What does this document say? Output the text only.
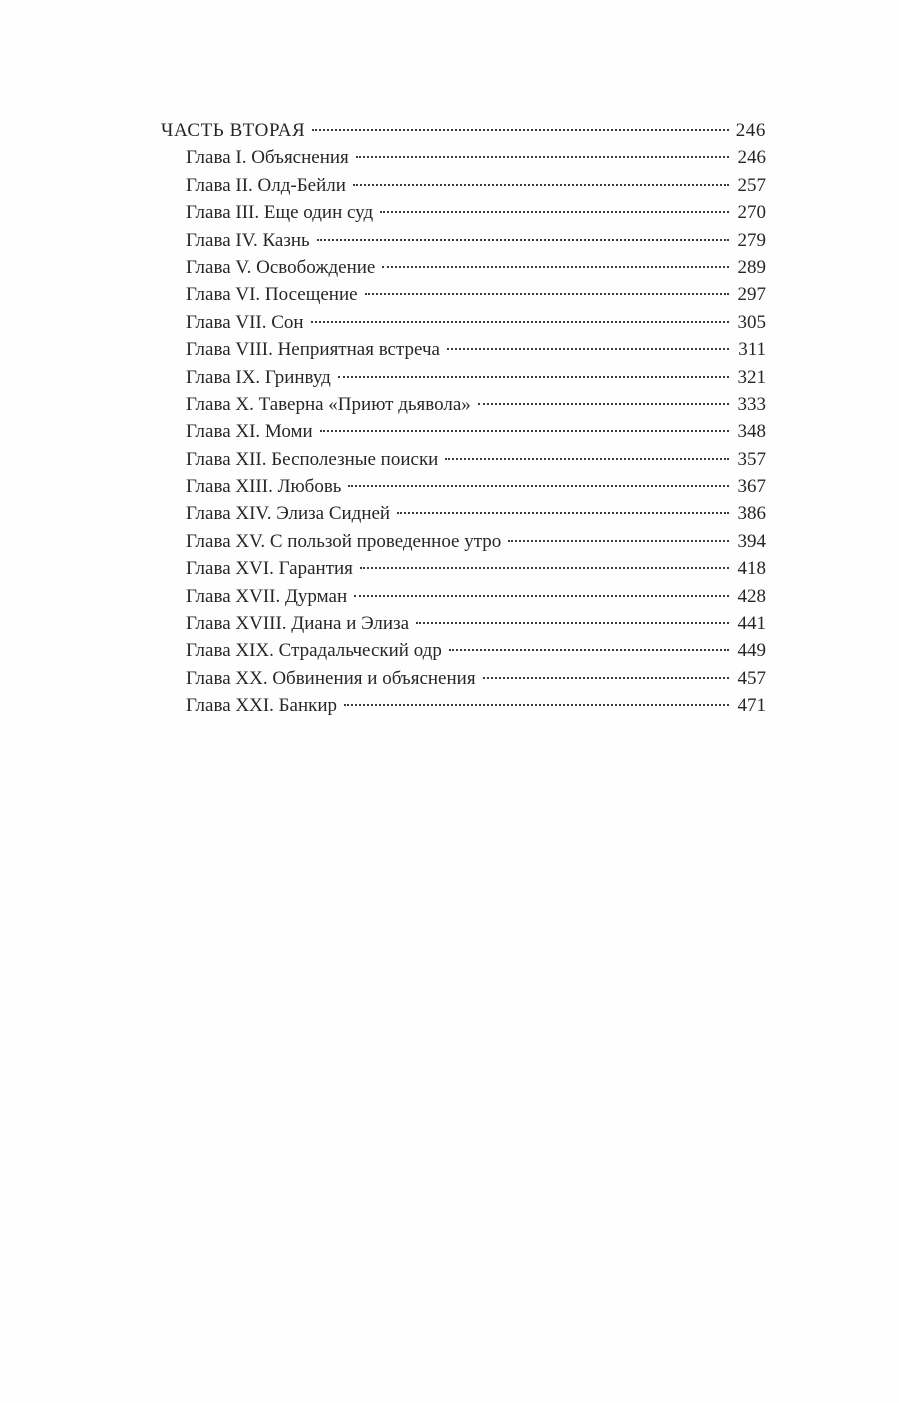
ЧАСТЬ ВТОРАЯ	246
Глава I. Объяснения	246
Глава II. Олд-Бейли	257
Глава III. Еще один суд	270
Глава IV. Казнь	279
Глава V. Освобождение	289
Глава VI. Посещение	297
Глава VII. Сон	305
Глава VIII. Неприятная встреча	311
Глава IX. Гринвуд	321
Глава X. Таверна «Приют дьявола»	333
Глава XI. Моми	348
Глава XII. Бесполезные поиски	357
Глава XIII. Любовь	367
Глава XIV. Элиза Сидней	386
Глава XV. С пользой проведенное утро	394
Глава XVI. Гарантия	418
Глава XVII. Дурман	428
Глава XVIII. Диана и Элиза	441
Глава XIX. Страдальческий одр	449
Глава XX. Обвинения и объяснения	457
Глава XXI. Банкир	471
